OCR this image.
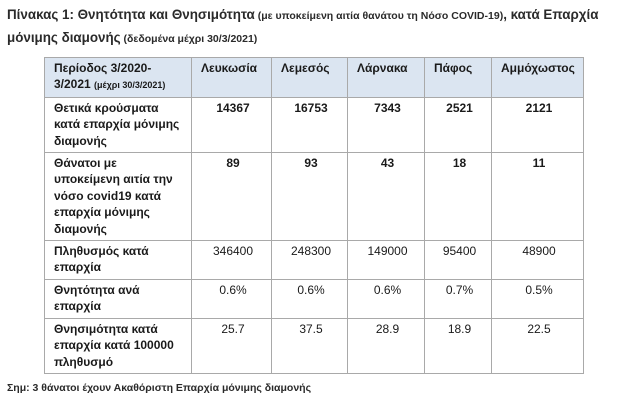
Πίνακας 1: Θνητότητα και Θνησιμότητα (με υποκείμενη αιτία θανάτου τη Νόσο COVID-19), κατά Επαρχία μόνιμης διαμονής (δεδομένα μέχρι 30/3/2021)
Περίοδος 3/2020-3/2021 (μέχρι 30/3/2021)	Λευκωσία	Λεμεσός	Λάρνακα	Πάφος	Αμμόχωστος
Θετικά κρούσματα κατά επαρχία μόνιμης διαμονής	14367	16753	7343	2521	2121
Θάνατοι με υποκείμενη αιτία την νόσο covid19 κατά επαρχία μόνιμης διαμονής	89	93	43	18	11
Πληθυσμός κατά επαρχία	346400	248300	149000	95400	48900
Θνητότητα ανά επαρχία	0.6%	0.6%	0.6%	0.7%	0.5%
Θνησιμότητα κατά επαρχία κατά 100000 πληθυσμό	25.7	37.5	28.9	18.9	22.5
Σημ: 3 θάνατοι έχουν Ακαθόριστη Επαρχία μόνιμης διαμονής
